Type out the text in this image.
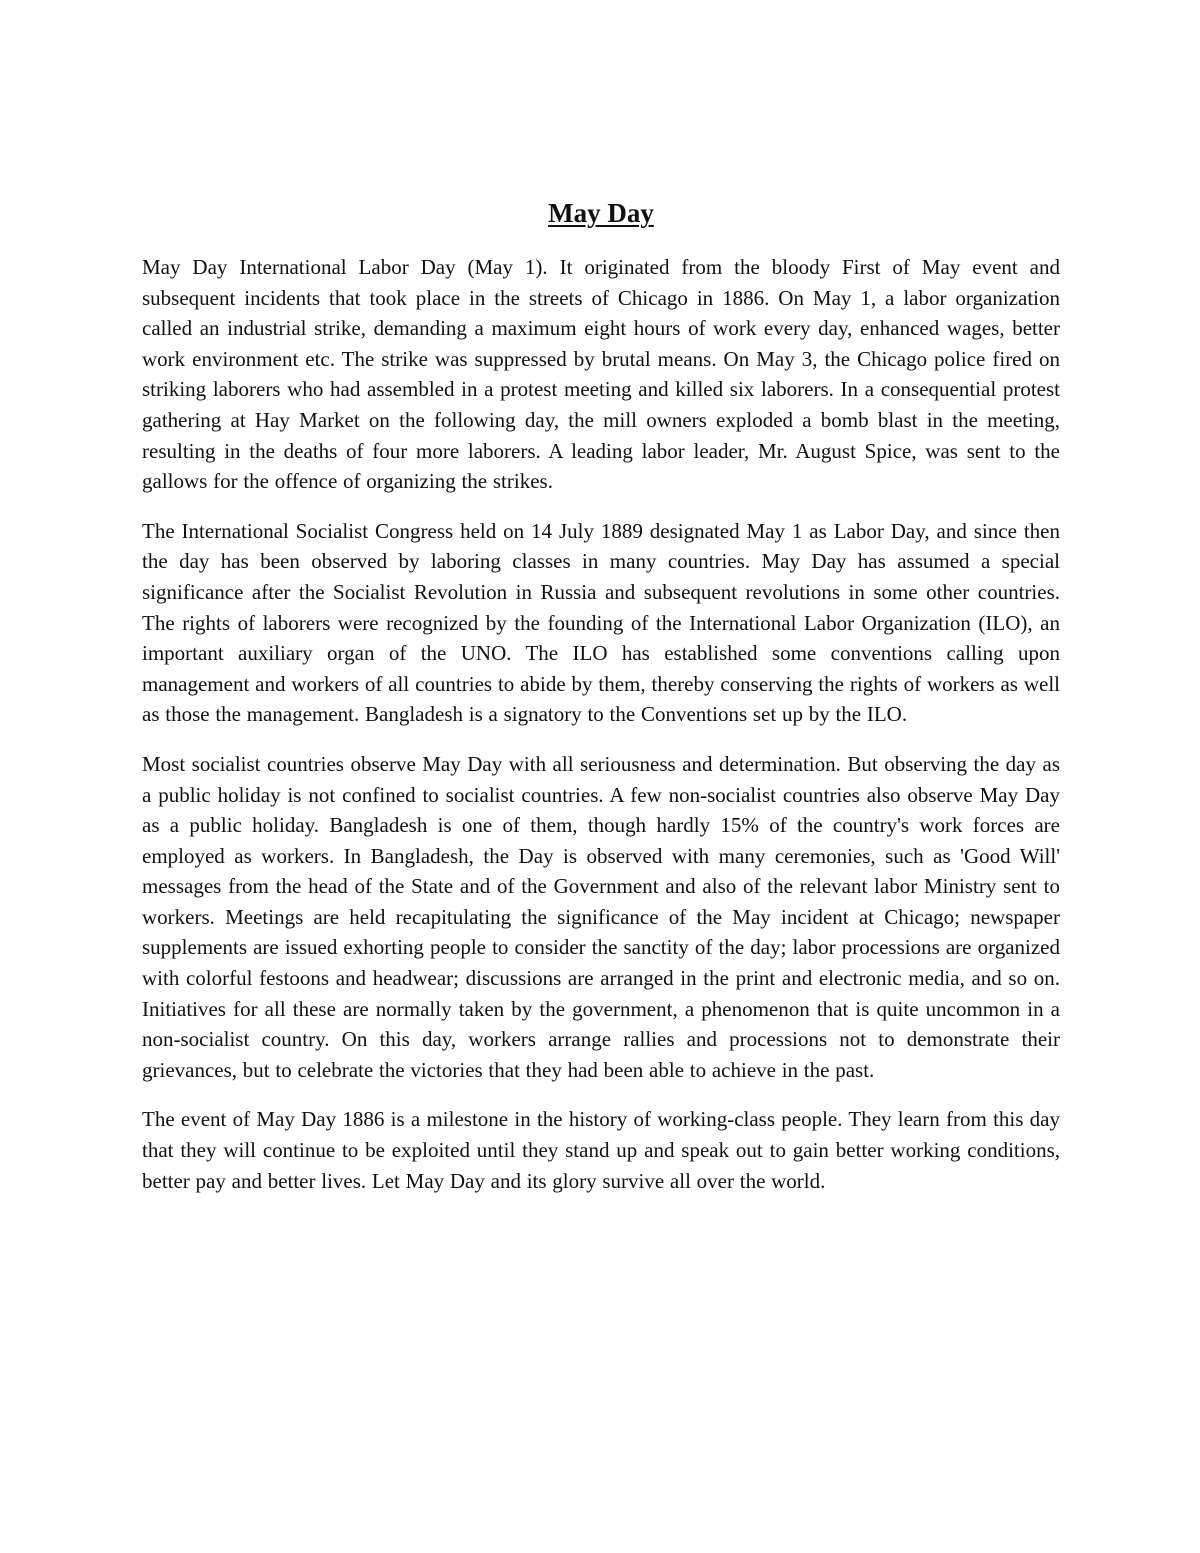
May Day

May Day International Labor Day (May 1). It originated from the bloody First of May event and subsequent incidents that took place in the streets of Chicago in 1886. On May 1, a labor organization called an industrial strike, demanding a maximum eight hours of work every day, enhanced wages, better work environment etc. The strike was suppressed by brutal means. On May 3, the Chicago police fired on striking laborers who had assembled in a protest meeting and killed six laborers. In a consequential protest gathering at Hay Market on the following day, the mill owners exploded a bomb blast in the meeting, resulting in the deaths of four more laborers. A leading labor leader, Mr. August Spice, was sent to the gallows for the offence of organizing the strikes.

The International Socialist Congress held on 14 July 1889 designated May 1 as Labor Day, and since then the day has been observed by laboring classes in many countries. May Day has assumed a special significance after the Socialist Revolution in Russia and subsequent revolutions in some other countries. The rights of laborers were recognized by the founding of the International Labor Organization (ILO), an important auxiliary organ of the UNO. The ILO has established some conventions calling upon management and workers of all countries to abide by them, thereby conserving the rights of workers as well as those the management. Bangladesh is a signatory to the Conventions set up by the ILO.

Most socialist countries observe May Day with all seriousness and determination. But observing the day as a public holiday is not confined to socialist countries. A few non-socialist countries also observe May Day as a public holiday. Bangladesh is one of them, though hardly 15% of the country's work forces are employed as workers. In Bangladesh, the Day is observed with many ceremonies, such as 'Good Will' messages from the head of the State and of the Government and also of the relevant labor Ministry sent to workers. Meetings are held recapitulating the significance of the May incident at Chicago; newspaper supplements are issued exhorting people to consider the sanctity of the day; labor processions are organized with colorful festoons and headwear; discussions are arranged in the print and electronic media, and so on. Initiatives for all these are normally taken by the government, a phenomenon that is quite uncommon in a non-socialist country. On this day, workers arrange rallies and processions not to demonstrate their grievances, but to celebrate the victories that they had been able to achieve in the past.

The event of May Day 1886 is a milestone in the history of working-class people. They learn from this day that they will continue to be exploited until they stand up and speak out to gain better working conditions, better pay and better lives. Let May Day and its glory survive all over the world.
